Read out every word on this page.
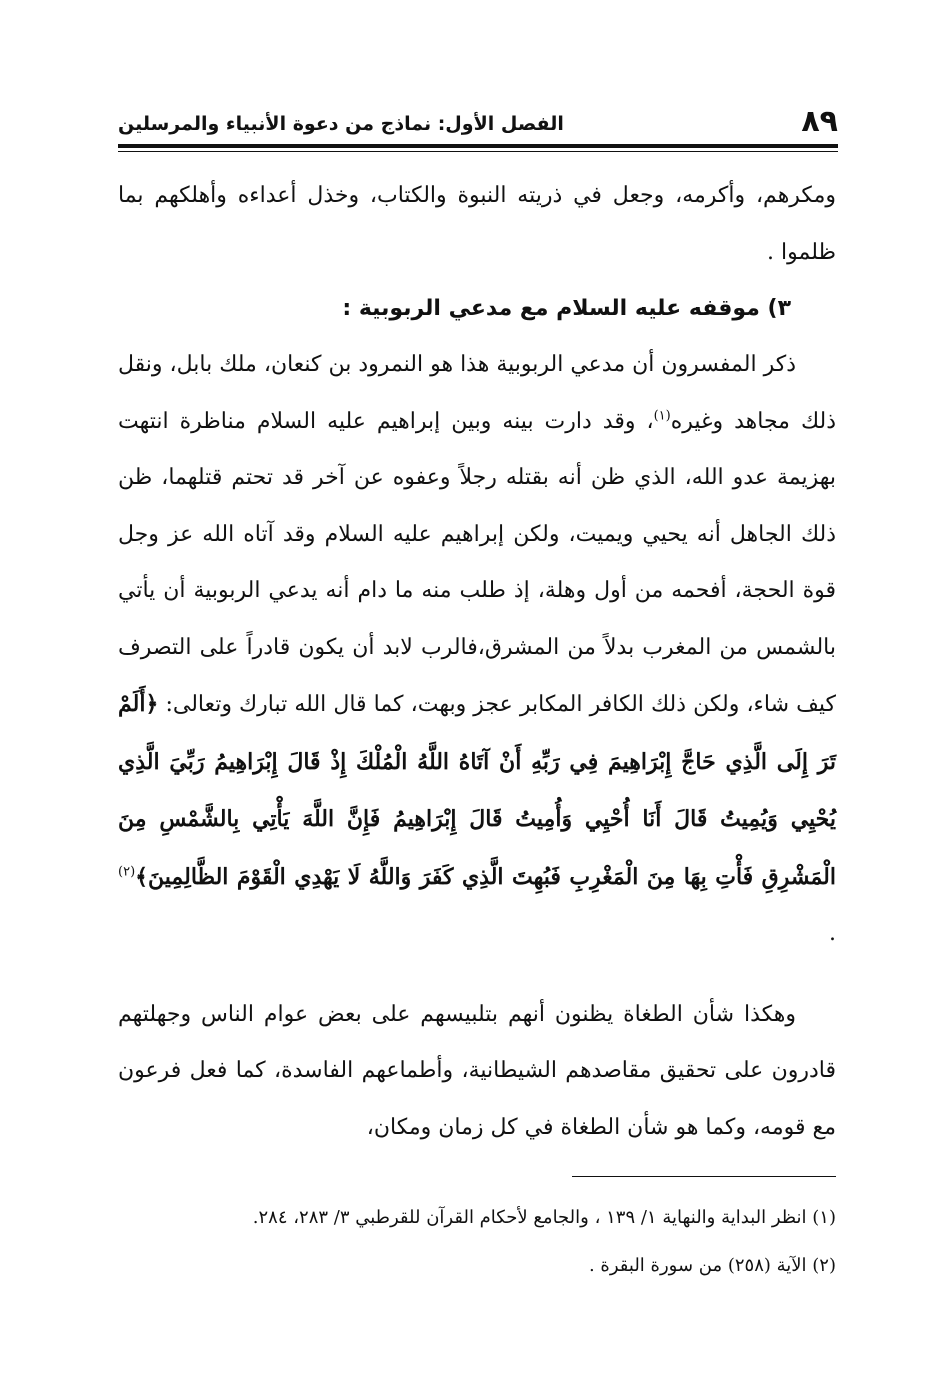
٨٩
الفصل الأول: نماذج من دعوة الأنبياء والمرسلين

ومكرهم، وأكرمه، وجعل في ذريته النبوة والكتاب، وخذل أعداءه وأهلكهم بما ظلموا .

٣) موقفه عليه السلام مع مدعي الربوبية :

ذكر المفسرون أن مدعي الربوبية هذا هو النمرود بن كنعان، ملك بابل، ونقل ذلك مجاهد وغيره$^{(١)}$، وقد دارت بينه وبين إبراهيم عليه السلام مناظرة انتهت بهزيمة عدو الله، الذي ظن أنه بقتله رجلاً وعفوه عن آخر قد تحتم قتلهما، ظن ذلك الجاهل أنه يحيي ويميت، ولكن إبراهيم عليه السلام وقد آتاه الله عز وجل قوة الحجة، أفحمه من أول وهلة، إذ طلب منه ما دام أنه يدعي الربوبية أن يأتي بالشمس من المغرب بدلاً من المشرق،فالرب لابد أن يكون قادراً على التصرف كيف شاء، ولكن ذلك الكافر المكابر عجز وبهت، كما قال الله تبارك وتعالى: ﴿أَلَمْ تَرَ إِلَى الَّذِي حَاجَّ إِبْرَاهِيمَ فِي رَبِّهِ أَنْ آتَاهُ اللَّهُ الْمُلْكَ إِذْ قَالَ إِبْرَاهِيمُ رَبِّيَ الَّذِي يُحْيِي وَيُمِيتُ قَالَ أَنَا أُحْيِي وَأُمِيتُ قَالَ إِبْرَاهِيمُ فَإِنَّ اللَّهَ يَأْتِي بِالشَّمْسِ مِنَ الْمَشْرِقِ فَأْتِ بِهَا مِنَ الْمَغْرِبِ فَبُهِتَ الَّذِي كَفَرَ وَاللَّهُ لَا يَهْدِي الْقَوْمَ الظَّالِمِينَ﴾$^{(٢)}$ .

وهكذا شأن الطغاة يظنون أنهم بتلبيسهم على بعض عوام الناس وجهلتهم قادرون على تحقيق مقاصدهم الشيطانية، وأطماعهم الفاسدة، كما فعل فرعون مع قومه، وكما هو شأن الطغاة في كل زمان ومكان،

(١) انظر البداية والنهاية ١/ ١٣٩ ، والجامع لأحكام القرآن للقرطبي ٣/ ٢٨٣، ٢٨٤.

(٢) الآية (٢٥٨) من سورة البقرة .
